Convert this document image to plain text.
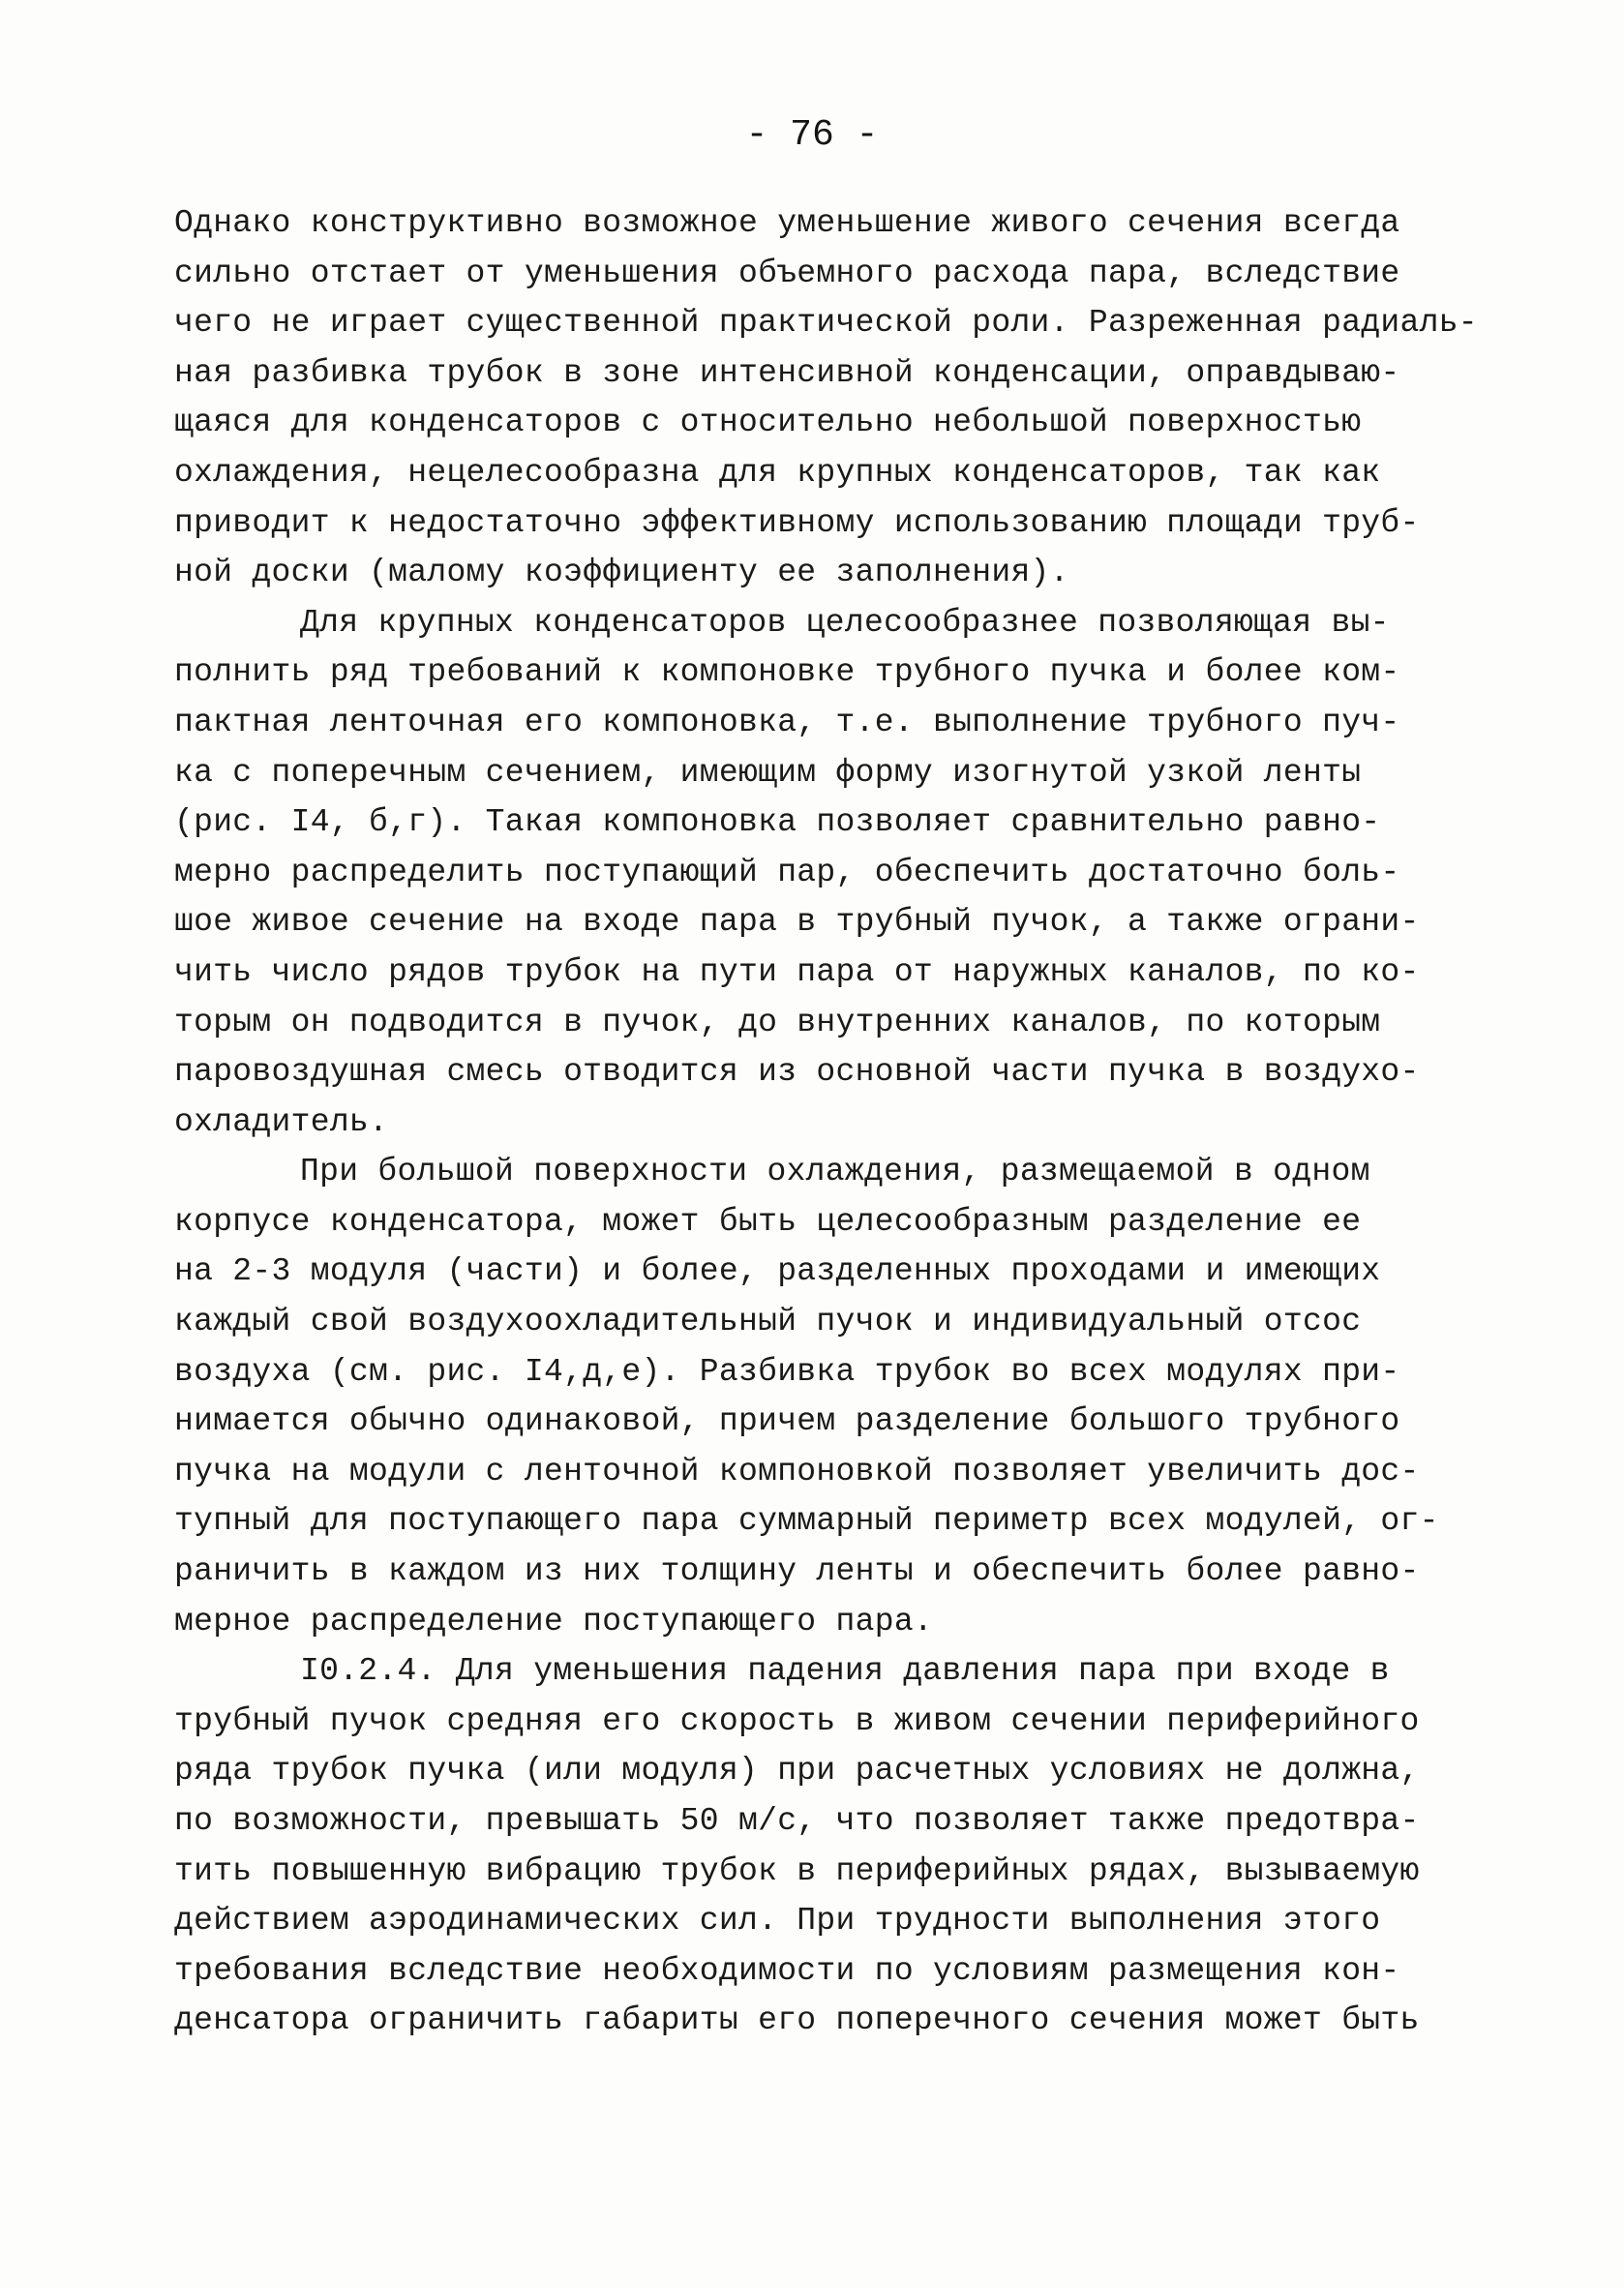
- 76 -
Однако конструктивно возможное уменьшение живого сечения всегда
сильно отстает от уменьшения объемного расхода пара, вследствие
чего не играет существенной практической роли. Разреженная радиаль-
ная разбивка трубок в зоне интенсивной конденсации, оправдываю-
щаяся для конденсаторов с относительно небольшой поверхностью
охлаждения, нецелесообразна для крупных конденсаторов, так как
приводит к недостаточно эффективному использованию площади труб-
ной доски (малому коэффициенту ее заполнения).
Для крупных конденсаторов целесообразнее позволяющая вы-
полнить ряд требований к компоновке трубного пучка и более ком-
пактная ленточная его компоновка, т.е. выполнение трубного пуч-
ка с поперечным сечением, имеющим форму изогнутой узкой ленты
(рис. I4, б,г). Такая компоновка позволяет сравнительно равно-
мерно распределить поступающий пар, обеспечить достаточно боль-
шое живое сечение на входе пара в трубный пучок, а также ограни-
чить число рядов трубок на пути пара от наружных каналов, по ко-
торым он подводится в пучок, до внутренних каналов, по которым
паровоздушная смесь отводится из основной части пучка в воздухо-
охладитель.
При большой поверхности охлаждения, размещаемой в одном
корпусе конденсатора, может быть целесообразным разделение ее
на 2-3 модуля (части) и более, разделенных проходами и имеющих
каждый свой воздухоохладительный пучок и индивидуальный отсос
воздуха (см. рис. I4,д,е). Разбивка трубок во всех модулях при-
нимается обычно одинаковой, причем разделение большого трубного
пучка на модули с ленточной компоновкой позволяет увеличить дос-
тупный для поступающего пара суммарный периметр всех модулей, ог-
раничить в каждом из них толщину ленты и обеспечить более равно-
мерное распределение поступающего пара.
I0.2.4. Для уменьшения падения давления пара при входе в
трубный пучок средняя его скорость в живом сечении периферийного
ряда трубок пучка (или модуля) при расчетных условиях не должна,
по возможности, превышать 50 м/с, что позволяет также предотвра-
тить повышенную вибрацию трубок в периферийных рядах, вызываемую
действием аэродинамических сил. При трудности выполнения этого
требования вследствие необходимости по условиям размещения кон-
денсатора ограничить габариты его поперечного сечения может быть
